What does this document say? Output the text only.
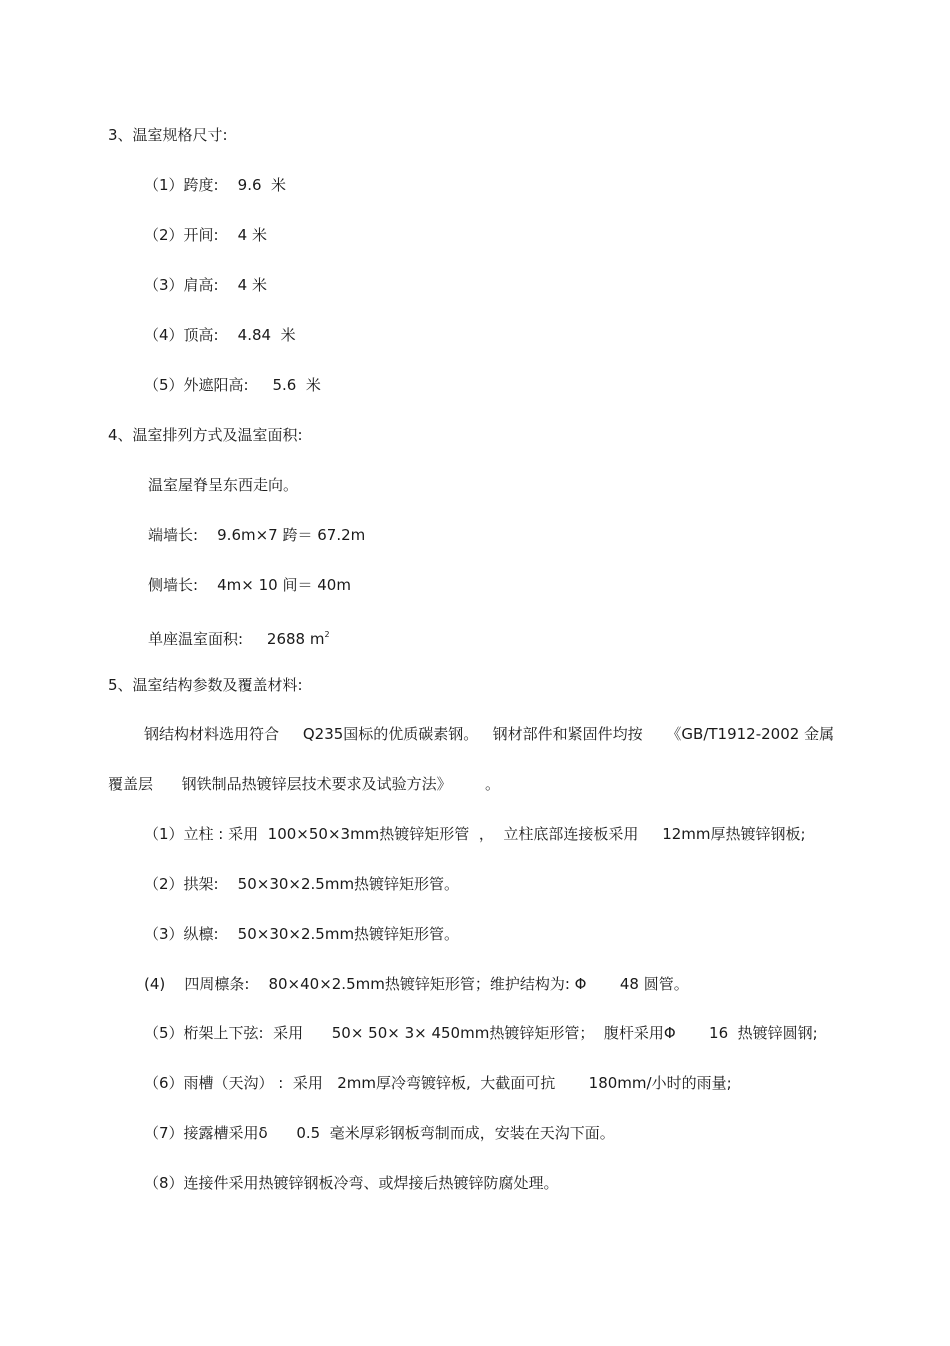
3、温室规格尺寸:
（1）跨度:    9.6  米
（2）开间:    4 米
（3）肩高:    4 米
（4）顶高:    4.84  米
（5）外遮阳高:     5.6  米
4、温室排列方式及温室面积:
温室屋脊呈东西走向。
端墙长:    9.6m×7 跨＝ 67.2m
侧墙长:    4m× 10 间＝ 40m
单座温室面积:     2688 $m^2$
5、温室结构参数及覆盖材料:
钢结构材料选用符合     Q235国标的优质碳素钢。   钢材部件和紧固件均按     《GB/T1912-2002 金属
覆盖层      钢铁制品热镀锌层技术要求及试验方法》       。
（1）立柱 : 采用  100×50×3mm热镀锌矩形管  ，  立柱底部连接板采用     12mm厚热镀锌钢板;
（2）拱架:    50×30×2.5mm热镀锌矩形管。
（3）纵檩:    50×30×2.5mm热镀锌矩形管。
(4)    四周檩条:    80×40×2.5mm热镀锌矩形管；维护结构为: Φ       48 圆管。
（5）桁架上下弦:  采用      50× 50× 3× 450mm热镀锌矩形管；  腹杆采用Φ       16  热镀锌圆钢;
（6）雨槽（天沟） :  采用   2mm厚冷弯镀锌板,  大截面可抗       180mm/小时的雨量;
（7）接露槽采用δ      0.5  毫米厚彩钢板弯制而成，安装在天沟下面。
（8）连接件采用热镀锌钢板冷弯、或焊接后热镀锌防腐处理。
